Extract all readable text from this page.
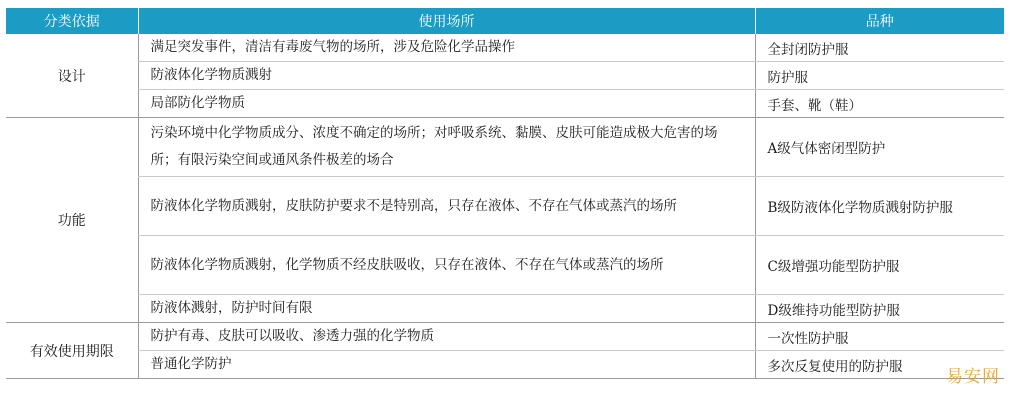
分类依据	使用场所	品种
设计	满足突发事件，清洁有毒废气物的场所，涉及危险化学品操作	全封闭防护服
	防液体化学物质溅射	防护服
	局部防化学物质	手套、靴（鞋）
功能	污染环境中化学物质成分、浓度不确定的场所；对呼吸系统、黏膜、皮肤可能造成极大危害的场所；有限污染空间或通风条件极差的场合	A级气体密闭型防护
	防液体化学物质溅射，皮肤防护要求不是特别高，只存在液体、不存在气体或蒸汽的场所	B级防液体化学物质溅射防护服
	防液体化学物质溅射，化学物质不经皮肤吸收，只存在液体、不存在气体或蒸汽的场所	C级增强功能型防护服
	防液体溅射，防护时间有限	D级维持功能型防护服
有效使用期限	防护有毒、皮肤可以吸收、渗透力强的化学物质	一次性防护服
	普通化学防护	多次反复使用的防护服
易安网
